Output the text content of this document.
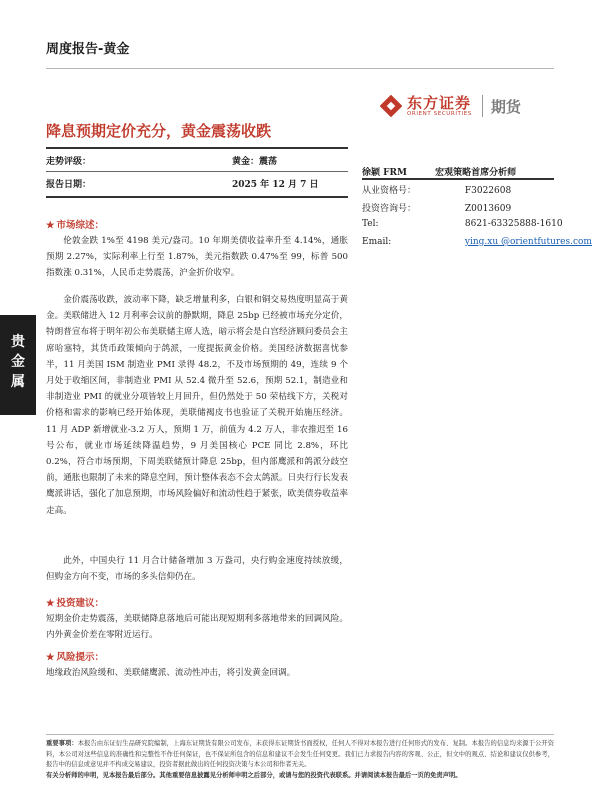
周度报告-黄金
东方证券
ORIENT SECURITIES 期货
贵金属
降息预期定价充分，黄金震荡收跌
走势评级：	黄金：震荡
报告日期：	2025 年 12 月 7 日
徐颖 FRM	宏观策略首席分析师
从业资格号：	F3022608
投资咨询号：	Z0013609
Tel:	8621-63325888-1610
Email:	ying.xu @orientfutures.com
★ 市场综述：
伦敦金跌 1%至 4198 美元/盎司。10 年期美债收益率升至 4.14%，通胀预期 2.27%，实际利率上行至 1.87%，美元指数跌 0.47%至 99，标普 500 指数涨 0.31%，人民币走势震荡，沪金折价收窄。
金价震荡收跌，波动率下降，缺乏增量利多，白银和铜交易热度明显高于黄金。美联储进入 12 月利率会议前的静默期，降息 25bp 已经被市场充分定价，特朗普宣布将于明年初公布美联储主席人选，暗示将会是白宫经济顾问委员会主席哈塞特，其货币政策倾向于鸽派，一度提振黄金价格。美国经济数据喜忧参半，11 月美国 ISM 制造业 PMI 录得 48.2，不及市场预期的 49，连续 9 个月处于收缩区间，非制造业 PMI 从 52.4 微升至 52.6，预期 52.1，制造业和非制造业 PMI 的就业分项皆较上月回升，但仍然处于 50 荣枯线下方，关税对价格和需求的影响已经开始体现，美联储褐皮书也验证了关税开始施压经济。11 月 ADP 新增就业-3.2 万人，预期 1 万，前值为 4.2 万人，非农推迟至 16 号公布，就业市场延续降温趋势，9 月美国核心 PCE 同比 2.8%，环比 0.2%，符合市场预期，下周美联储预计降息 25bp，但内部鹰派和鸽派分歧空前，通胀也限制了未来的降息空间，预计整体表态不会太鸽派。日央行行长发表鹰派讲话，强化了加息预期，市场风险偏好和流动性趋于紧张，欧美债券收益率走高。
此外，中国央行 11 月合计储备增加 3 万盎司，央行购金速度持续放缓，但购金方向不变，市场的多头信仰仍在。
★ 投资建议：
短期金价走势震荡，美联储降息落地后可能出现短期利多落地带来的回调风险。内外黄金价差在零附近运行。
★ 风险提示：
地缘政治风险缓和、美联储鹰派、流动性冲击，将引发黄金回调。
重要事项：本报告由东证衍生品研究院编制，上海东证期货有限公司发布，未获得东证期货书面授权，任何人不得对本报告进行任何形式的发布、复制。本报告的信息均来源于公开资料，本公司对这些信息的准确性和完整性不作任何保证，也不保证所包含的信息和建议不会发生任何变更。我们已力求报告内容的客观、公正，但文中的观点、结论和建议仅供参考，报告中的信息或意见并不构成交易建议，投资者据此做出的任何投资决策与本公司和作者无关。
有关分析师的申明，见本报告最后部分。其他重要信息披露见分析师申明之后部分，或请与您的投资代表联系。并请阅读本报告最后一页的免责声明。
